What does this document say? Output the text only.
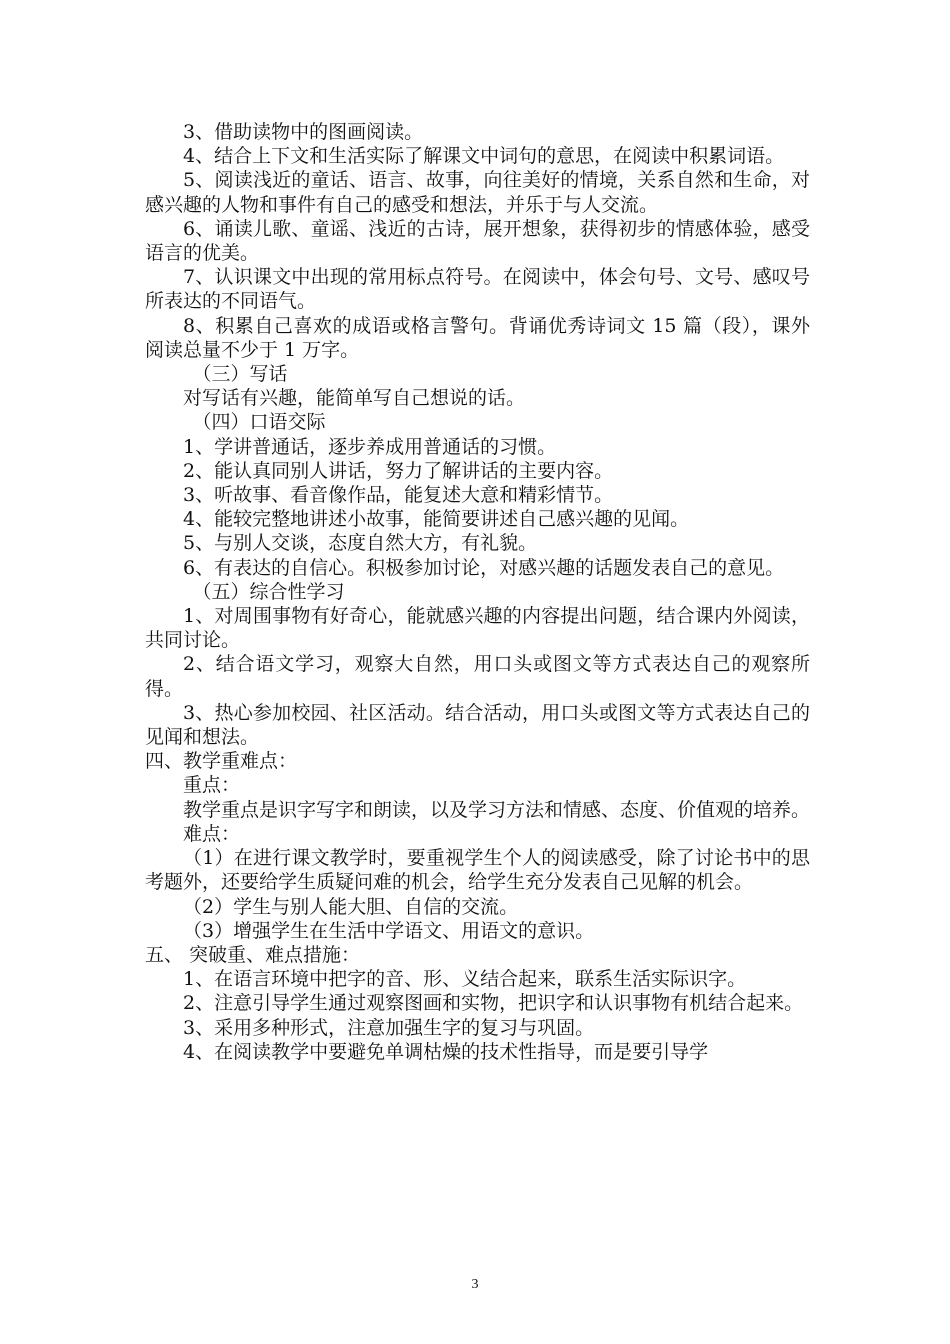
3、借助读物中的图画阅读。

4、结合上下文和生活实际了解课文中词句的意思，在阅读中积累词语。

5、阅读浅近的童话、语言、故事，向往美好的情境，关系自然和生命，对感兴趣的人物和事件有自己的感受和想法，并乐于与人交流。

6、诵读儿歌、童谣、浅近的古诗，展开想象，获得初步的情感体验，感受语言的优美。

7、认识课文中出现的常用标点符号。在阅读中，体会句号、文号、感叹号所表达的不同语气。

8、积累自己喜欢的成语或格言警句。背诵优秀诗词文 15 篇（段），课外阅读总量不少于 1 万字。

（三）写话

对写话有兴趣，能简单写自己想说的话。

（四）口语交际

1、学讲普通话，逐步养成用普通话的习惯。

2、能认真同别人讲话，努力了解讲话的主要内容。

3、听故事、看音像作品，能复述大意和精彩情节。

4、能较完整地讲述小故事，能简要讲述自己感兴趣的见闻。

5、与别人交谈，态度自然大方，有礼貌。

6、有表达的自信心。积极参加讨论，对感兴趣的话题发表自己的意见。

（五）综合性学习

1、对周围事物有好奇心，能就感兴趣的内容提出问题，结合课内外阅读，共同讨论。

2、结合语文学习，观察大自然，用口头或图文等方式表达自己的观察所得。

3、热心参加校园、社区活动。结合活动，用口头或图文等方式表达自己的见闻和想法。

四、教学重难点：

重点：

教学重点是识字写字和朗读，以及学习方法和情感、态度、价值观的培养。

难点：

（1）在进行课文教学时，要重视学生个人的阅读感受，除了讨论书中的思考题外，还要给学生质疑问难的机会，给学生充分发表自己见解的机会。

（2）学生与别人能大胆、自信的交流。

（3）增强学生在生活中学语文、用语文的意识。

五、 突破重、难点措施：

1、在语言环境中把字的音、形、义结合起来，联系生活实际识字。

2、注意引导学生通过观察图画和实物，把识字和认识事物有机结合起来。

3、采用多种形式，注意加强生字的复习与巩固。

4、在阅读教学中要避免单调枯燥的技术性指导，而是要引导学

3
